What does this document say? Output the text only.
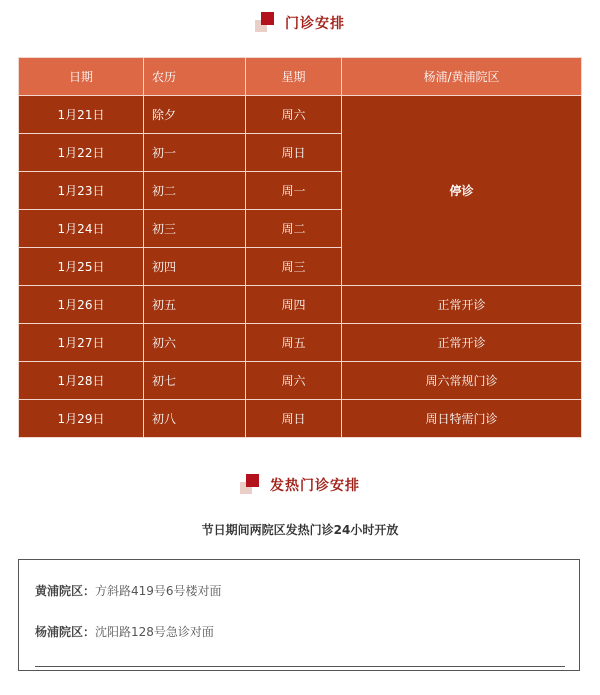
门诊安排
日期	农历	星期	杨浦/黄浦院区
1月21日	除夕	周六	停诊
1月22日	初一	周日	
1月23日	初二	周一	
1月24日	初三	周二	
1月25日	初四	周三	
1月26日	初五	周四	正常开诊
1月27日	初六	周五	正常开诊
1月28日	初七	周六	周六常规门诊
1月29日	初八	周日	周日特需门诊
发热门诊安排
节日期间两院区发热门诊24小时开放
黄浦院区：方斜路419号6号楼对面
杨浦院区：沈阳路128号急诊对面
